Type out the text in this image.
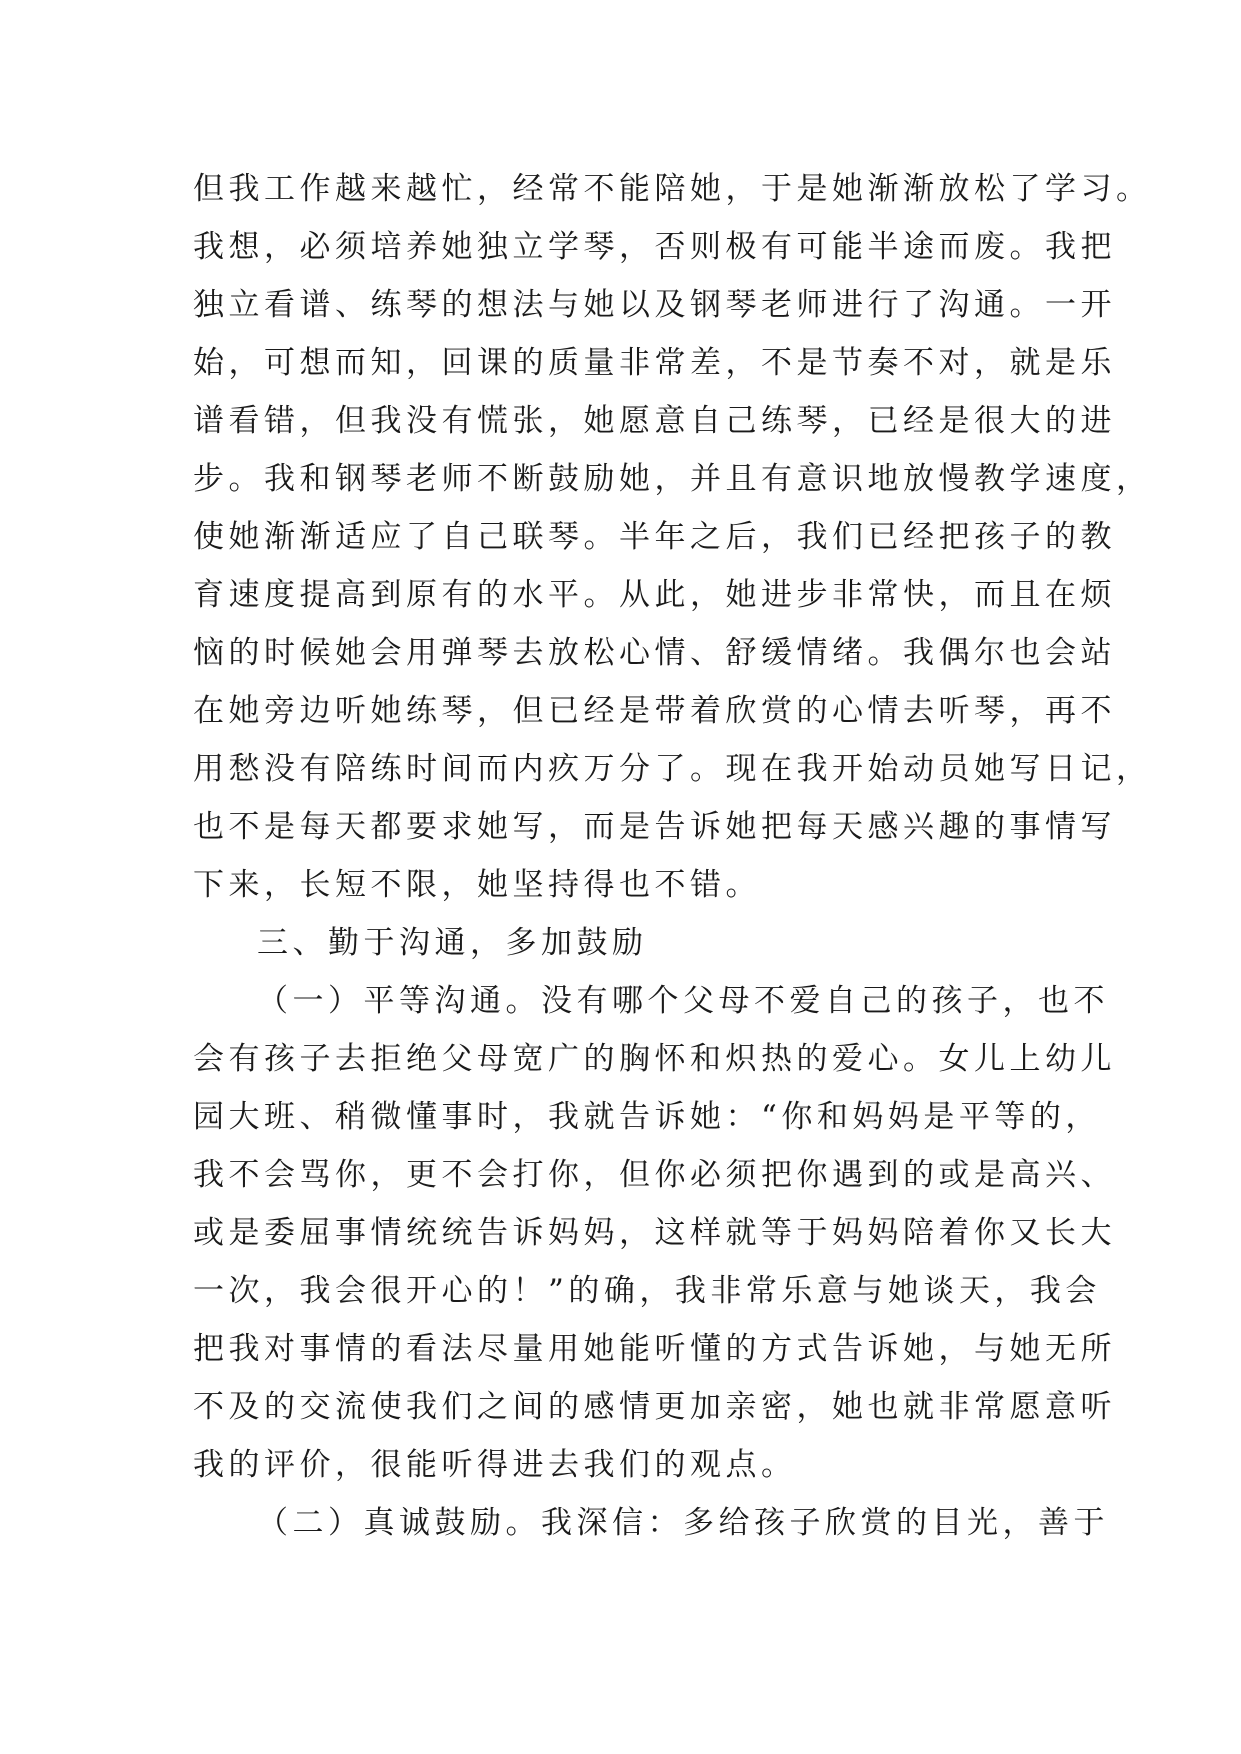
但我工作越来越忙，经常不能陪她，于是她渐渐放松了学习。
我想，必须培养她独立学琴，否则极有可能半途而废。我把
独立看谱、练琴的想法与她以及钢琴老师进行了沟通。一开
始，可想而知，回课的质量非常差，不是节奏不对，就是乐
谱看错，但我没有慌张，她愿意自己练琴，已经是很大的进
步。我和钢琴老师不断鼓励她，并且有意识地放慢教学速度，
使她渐渐适应了自己联琴。半年之后，我们已经把孩子的教
育速度提高到原有的水平。从此，她进步非常快，而且在烦
恼的时候她会用弹琴去放松心情、舒缓情绪。我偶尔也会站
在她旁边听她练琴，但已经是带着欣赏的心情去听琴，再不
用愁没有陪练时间而内疚万分了。现在我开始动员她写日记，
也不是每天都要求她写，而是告诉她把每天感兴趣的事情写
下来，长短不限，她坚持得也不错。
三、勤于沟通，多加鼓励
（一）平等沟通。没有哪个父母不爱自己的孩子，也不
会有孩子去拒绝父母宽广的胸怀和炽热的爱心。女儿上幼儿
园大班、稍微懂事时，我就告诉她：“你和妈妈是平等的，
我不会骂你，更不会打你，但你必须把你遇到的或是高兴、
或是委屈事情统统告诉妈妈，这样就等于妈妈陪着你又长大
一次，我会很开心的！”的确，我非常乐意与她谈天，我会
把我对事情的看法尽量用她能听懂的方式告诉她，与她无所
不及的交流使我们之间的感情更加亲密，她也就非常愿意听
我的评价，很能听得进去我们的观点。
（二）真诚鼓励。我深信：多给孩子欣赏的目光，善于
